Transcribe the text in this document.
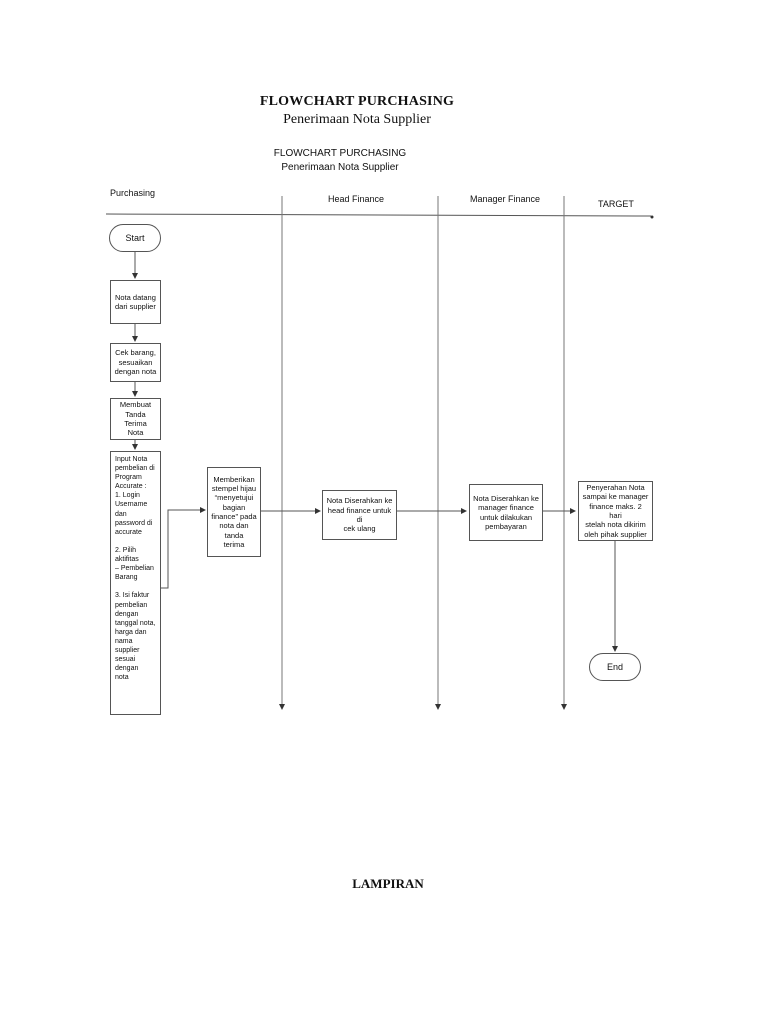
FLOWCHART PURCHASING
Penerimaan Nota Supplier
FLOWCHART PURCHASING
Penerimaan Nota Supplier
Purchasing
Head Finance	Manager Finance	TARGET
Start
Nota datang
dari supplier
Cek barang,
sesuaikan
dengan nota
Membuat
Tanda Terima
Nota
Input Nota
pembelian di
Program
Accurate :
1. Login
Username dan
password di
accurate

2. Pilih aktifitas
– Pembelian
Barang

3. Isi faktur
pembelian
dengan
tanggal nota,
harga dan
nama supplier
sesuai dengan
nota
Memberikan
stempel hijau
“menyetujui
bagian
finance” pada
nota dan tanda
terima
Nota Diserahkan ke
head finance untuk di
cek ulang
Nota Diserahkan ke
manager finance
untuk dilakukan
pembayaran
Penyerahan Nota
sampai ke manager
finance maks. 2 hari
stelah nota dikirim
oleh pihak supplier
End
LAMPIRAN
